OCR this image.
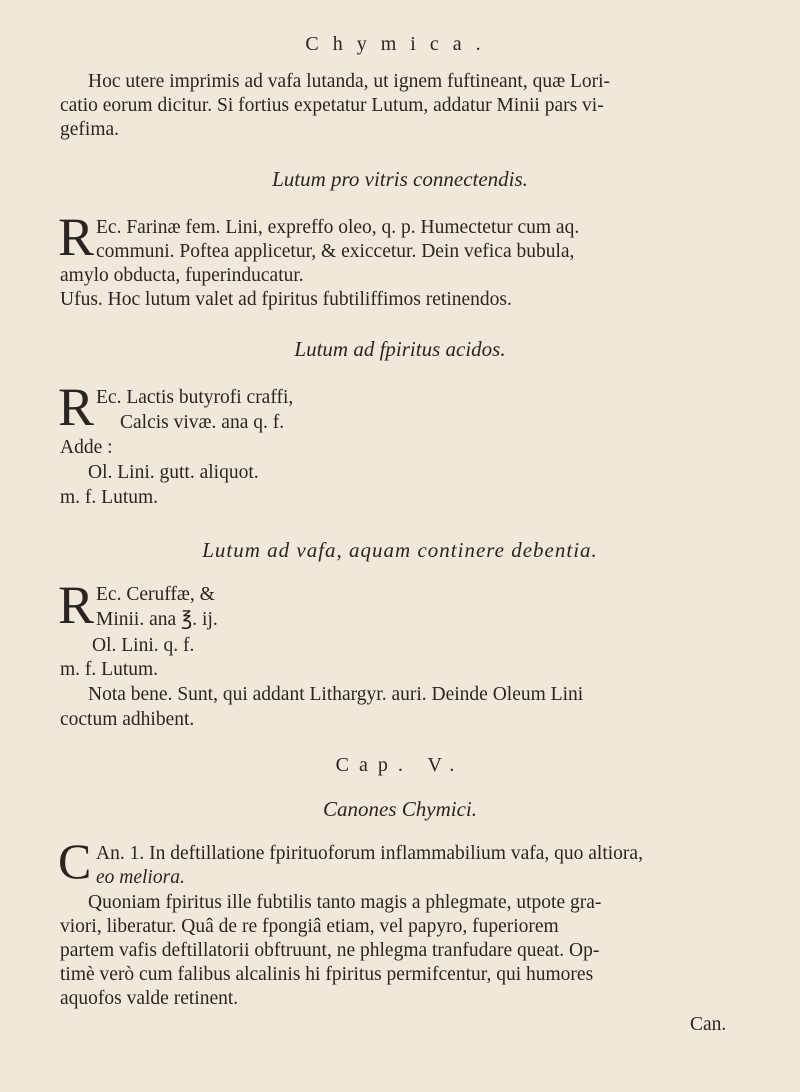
Chymica.
Hoc utere imprimis ad vafa lutanda, ut ignem fuftineant, quæ Lori-
catio eorum dicitur. Si fortius expetatur Lutum, addatur Minii pars vi-
gefima.
Lutum pro vitris connectendis.
R Ec. Farinæ fem. Lini, expreffo oleo, q. p. Humectetur cum aq.
communi. Poftea applicetur, & exiccetur. Dein vefica bubula,
amylo obducta, fuperinducatur.
Ufus. Hoc lutum valet ad fpiritus fubtiliffimos retinendos.
Lutum ad fpiritus acidos.
R Ec. Lactis butyrofi craffi,
Calcis vivæ. ana q. f.
Adde :
Ol. Lini. gutt. aliquot.
m. f. Lutum.
Lutum ad vafa, aquam continere debentia.
R Ec. Ceruffæ, &
Minii. ana ℥. ij.
Ol. Lini. q. f.
m. f. Lutum.
Nota bene. Sunt, qui addant Lithargyr. auri. Deinde Oleum Lini
coctum adhibent.
Cap. V.
Canones Chymici.
C An. 1. In deftillatione fpirituoforum inflammabilium vafa, quo altiora,
eo meliora.
Quoniam fpiritus ille fubtilis tanto magis a phlegmate, utpote gra-
viori, liberatur. Quâ de re fpongiâ etiam, vel papyro, fuperiorem
partem vafis deftillatorii obftruunt, ne phlegma tranfudare queat. Op-
timè verò cum falibus alcalinis hi fpiritus permifcentur, qui humores
aquofos valde retinent.
Can.
